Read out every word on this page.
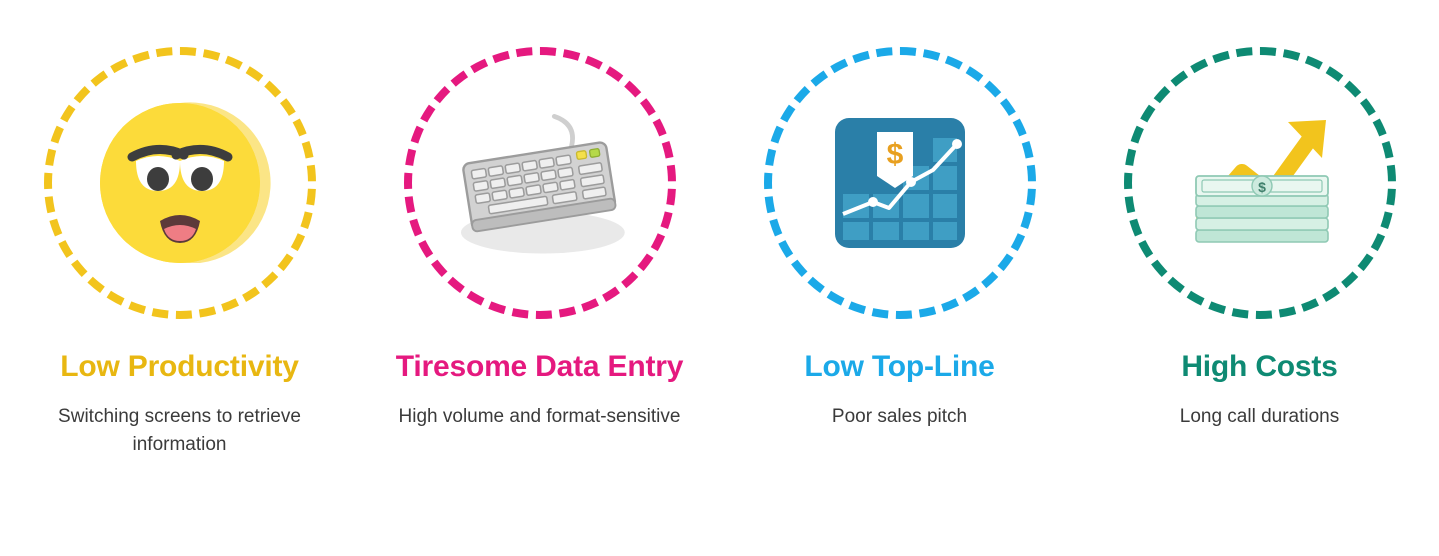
Low Productivity
Switching screens to retrieve information
Tiresome Data Entry
High volume and format-sensitive
$
Low Top-Line
Poor sales pitch
$
High Costs
Long call durations
